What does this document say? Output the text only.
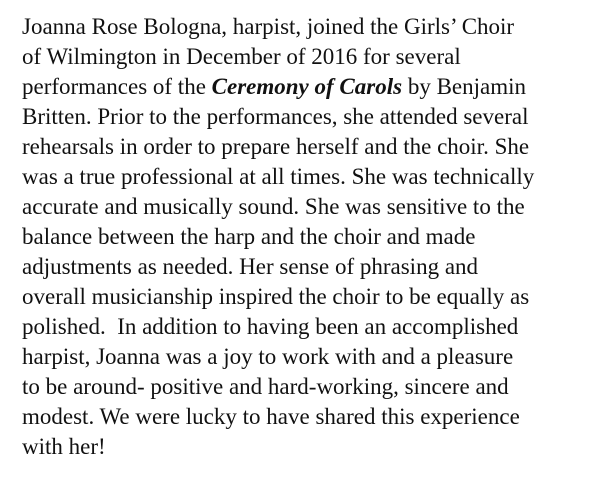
Joanna Rose Bologna, harpist, joined the Girls’ Choir
of Wilmington in December of 2016 for several
performances of the Ceremony of Carols by Benjamin
Britten. Prior to the performances, she attended several
rehearsals in order to prepare herself and the choir. She
was a true professional at all times. She was technically
accurate and musically sound. She was sensitive to the
balance between the harp and the choir and made
adjustments as needed. Her sense of phrasing and
overall musicianship inspired the choir to be equally as
polished.  In addition to having been an accomplished
harpist, Joanna was a joy to work with and a pleasure
to be around- positive and hard-working, sincere and
modest. We were lucky to have shared this experience
with her!
